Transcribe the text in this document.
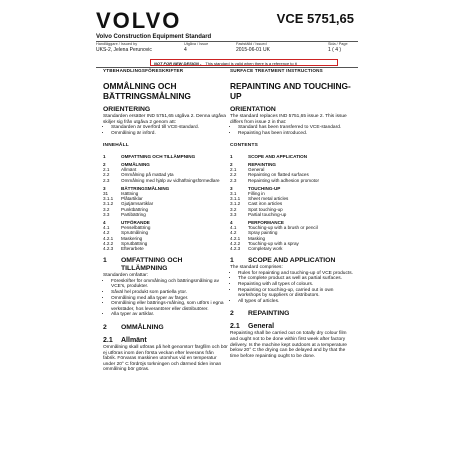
VOLVO	VCE 5751,65
Volvo Construction Equipment Standard
Handläggare / Issued by
UKS-2, Jelena Perunovic
Utgåva / Issue
4
Fastställd / Issued
2015-06-01 UK
Sida / Page
1 ( 4 )
NOT FOR NEW DESIGN - This standard is valid when there is a reference to it
YTBEHANDLINGSFÖRESKRIFTER
OMMÅLNING OCH BÄTTRINGSMÅLNING
ORIENTERING

Standarden ersätter IND 5751,65 utgåva 2. Denna utgåva skiljer sig från utgåva 2 genom att:

• Standarden är överförd till VCE-standard.
• Ommålning är införd.
INNEHÅLL
1	OMFATTNING OCH TILLÄMPNING
2	OMMÅLNING
2.1	Allmänt
2.2	Ommålning på mattad yta
2.3	Ommålning med hjälp av vidhäftningsförmedlare
3	BÄTTRINGSMÅLNING
31	Isättning
3.1.1	Plåtartiklar
3.1.2	Gjutjärnsartiklar
3.2	Punktbättring
3.3	Partibättring
4	UTFÖRANDE
4.1	Penselbättring
4.2	Sprutmålning
4.2.1	Maskering
4.2.2	Sprutbättring
4.2.3	Efterarbete
1	OMFATTNING OCH TILLÄMPNING

Standarden omfattar:

• Föreskrifter för ommålning och bättringsmålning av VCE's, produkter.
• Såväl hel produkt som partiella ytor.
• Ommålning med alla typer av färger.
• Ommålning eller bättrings-målning, som utförs i egna verkstäder, hos leverantörer eller distributörer.
• Alla typer av artiklar.
2	OMMÅLNING
2.1	Allmänt

Ommålning skall utföras på helt genomtorr färgfilm och bör ej utföras inom den första veckan efter leverans från fabrik. Förvaras maskinen utomhus vid en temperatur under 20° C fördröjs torkningen och därmed tiden innan ommålning bör göras.

SURFACE TREATMENT INSTRUCTIONS
REPAINTING AND TOUCHING-UP
ORIENTATION

The standard replaces IND 5751,65 issue 2. This issue differs from issue 2 in that:

• Standard has been transferred to VCE-standard.
• Repainting has been introduced.
CONTENTS
1	SCOPE AND APPLICATION
2	REPAINTING
2.1	General
2.2	Repainting on flatted surfaces
2.3	Repainting with adhesion promotor
3	TOUCHING-UP
3.1	Filling in
3.1.1	Sheet metal articles
3.1.2	Cast iron articles
3.2	Spot touching-up
3.3	Partial touching-up
4	PERFORMANCE
4.1	Touching-up with a brush or pencil
4.2	Spray painting
4.2.1	Masking
4.2.2	Touching-up with a spray
4.2.3	Completary work
1	SCOPE AND APPLICATION

The standard comprises:

• Rules for repainting and touching-up of VCE products.
• The complete product as well as partial surfaces.
• Repainting with all types of colours.
• Repainting or touching-up, carried out in own workshops by suppliers or distributors.
• All types of articles.
2	REPAINTING
2.1	General

Repainting shall be carried out on totally dry colour film and ought not to be done within first week after factory delivery. Is the machine kept outdoors at a temperature below 20° C the drying can be delayed and by that the time before repainting ought to be done.
